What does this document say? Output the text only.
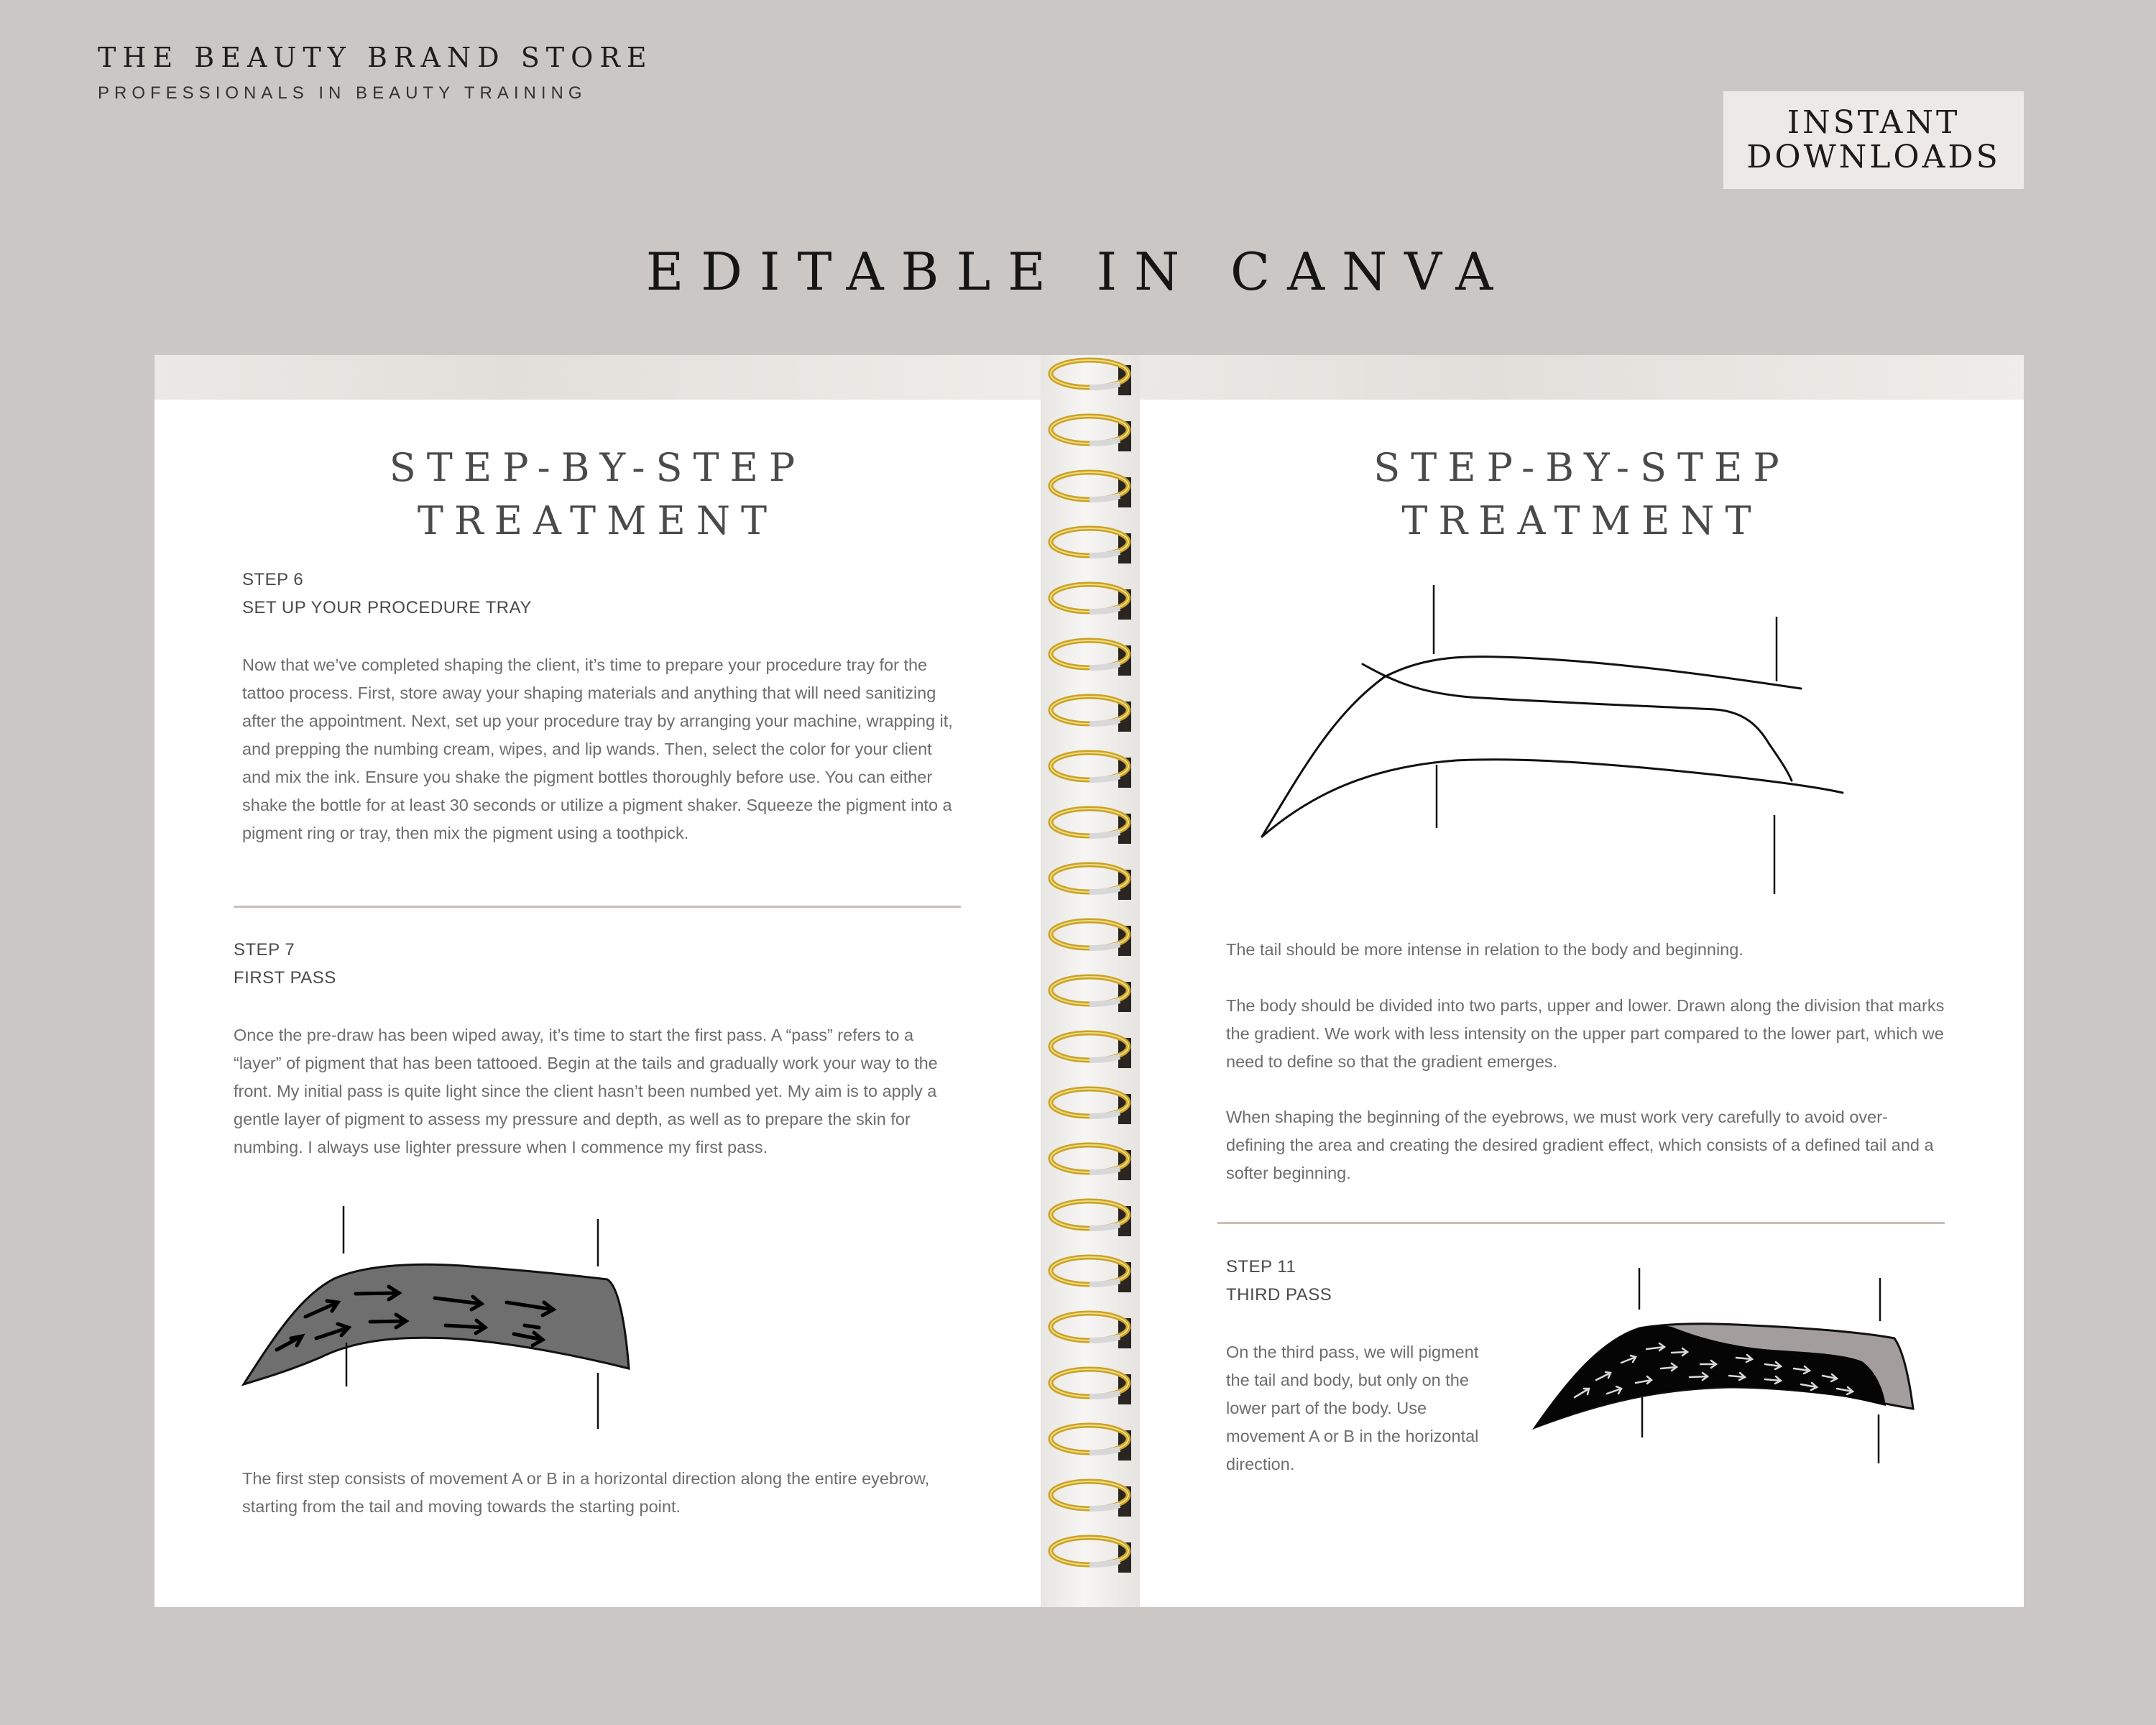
THE BEAUTY BRAND STORE
PROFESSIONALS IN BEAUTY TRAINING
INSTANT
DOWNLOADS
EDITABLE IN CANVA
STEP-BY-STEP
TREATMENT
STEP 6
SET UP YOUR PROCEDURE TRAY

Now that we’ve completed shaping the client, it’s time to prepare your procedure tray for the tattoo process. First, store away your shaping materials and anything that will need sanitizing after the appointment. Next, set up your procedure tray by arranging your machine, wrapping it, and prepping the numbing cream, wipes, and lip wands. Then, select the color for your client and mix the ink. Ensure you shake the pigment bottles thoroughly before use. You can either shake the bottle for at least 30 seconds or utilize a pigment shaker. Squeeze the pigment into a pigment ring or tray, then mix the pigment using a toothpick.

STEP 7
FIRST PASS

Once the pre-draw has been wiped away, it’s time to start the first pass. A “pass” refers to a “layer” of pigment that has been tattooed. Begin at the tails and gradually work your way to the front. My initial pass is quite light since the client hasn’t been numbed yet. My aim is to apply a gentle layer of pigment to assess my pressure and depth, as well as to prepare the skin for numbing. I always use lighter pressure when I commence my first pass.

The first step consists of movement A or B in a horizontal direction along the entire eyebrow, starting from the tail and moving towards the starting point.

STEP-BY-STEP
TREATMENT

The tail should be more intense in relation to the body and beginning.

The body should be divided into two parts, upper and lower. Drawn along the division that marks the gradient. We work with less intensity on the upper part compared to the lower part, which we need to define so that the gradient emerges.

When shaping the beginning of the eyebrows, we must work very carefully to avoid over-defining the area and creating the desired gradient effect, which consists of a defined tail and a softer beginning.

STEP 11
THIRD PASS

On the third pass, we will pigment the tail and body, but only on the lower part of the body. Use movement A or B in the horizontal direction.
